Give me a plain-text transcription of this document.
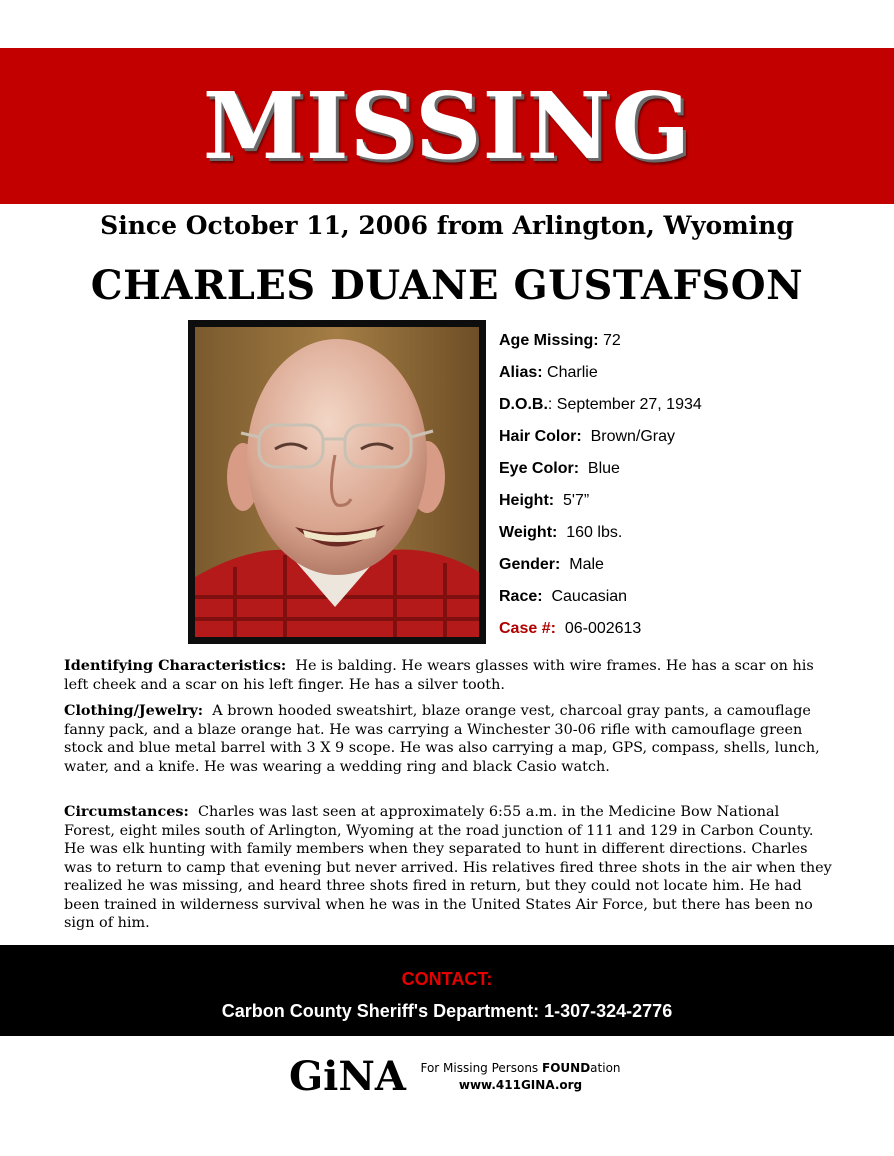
MISSING
Since October 11, 2006 from Arlington, Wyoming
CHARLES DUANE GUSTAFSON
Age Missing: 72
Alias: Charlie
D.O.B.: September 27, 1934
Hair Color: Brown/Gray
Eye Color: Blue
Height: 5'7”
Weight: 160 lbs.
Gender: Male
Race: Caucasian
Case #: 06-002613
Identifying Characteristics: He is balding. He wears glasses with wire frames. He has a scar on his left cheek and a scar on his left finger. He has a silver tooth.
Clothing/Jewelry: A brown hooded sweatshirt, blaze orange vest, charcoal gray pants, a camouflage fanny pack, and a blaze orange hat. He was carrying a Winchester 30-06 rifle with camouflage green stock and blue metal barrel with 3 X 9 scope. He was also carrying a map, GPS, compass, shells, lunch, water, and a knife. He was wearing a wedding ring and black Casio watch.
Circumstances: Charles was last seen at approximately 6:55 a.m. in the Medicine Bow National Forest, eight miles south of Arlington, Wyoming at the road junction of 111 and 129 in Carbon County. He was elk hunting with family members when they separated to hunt in different directions. Charles was to return to camp that evening but never arrived. His relatives fired three shots in the air when they realized he was missing, and heard three shots fired in return, but they could not locate him. He had been trained in wilderness survival when he was in the United States Air Force, but there has been no sign of him.
CONTACT:
Carbon County Sheriff's Department: 1-307-324-2776
GiNA	For Missing Persons FOUNDation
www.411GINA.org
